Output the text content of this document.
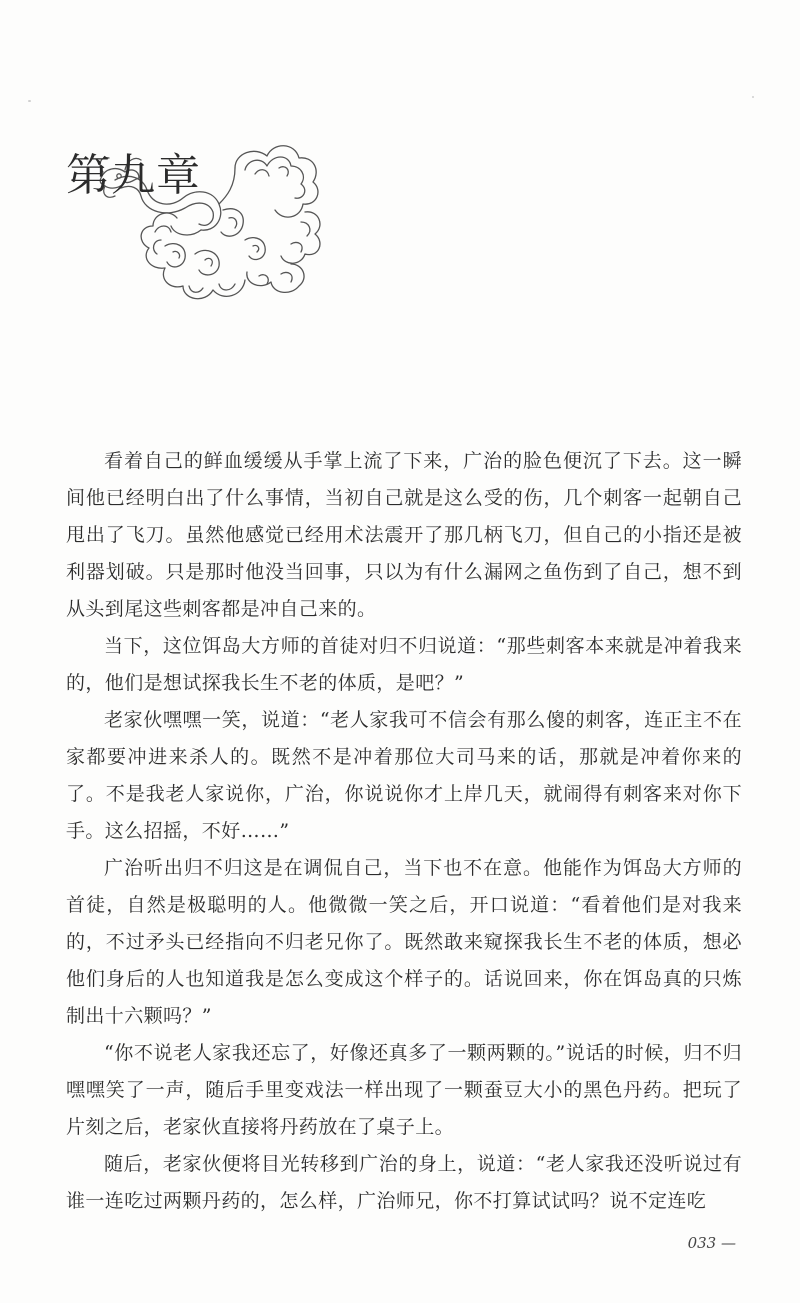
第九章

看着自己的鲜血缓缓从手掌上流了下来，广治的脸色便沉了下去。这一瞬间他已经明白出了什么事情，当初自己就是这么受的伤，几个刺客一起朝自己甩出了飞刀。虽然他感觉已经用术法震开了那几柄飞刀，但自己的小指还是被利器划破。只是那时他没当回事，只以为有什么漏网之鱼伤到了自己，想不到从头到尾这些刺客都是冲自己来的。

当下，这位饵岛大方师的首徒对归不归说道：“那些刺客本来就是冲着我来的，他们是想试探我长生不老的体质，是吧？”

老家伙嘿嘿一笑，说道：“老人家我可不信会有那么傻的刺客，连正主不在家都要冲进来杀人的。既然不是冲着那位大司马来的话，那就是冲着你来的了。不是我老人家说你，广治，你说说你才上岸几天，就闹得有刺客来对你下手。这么招摇，不好……”

广治听出归不归这是在调侃自己，当下也不在意。他能作为饵岛大方师的首徒，自然是极聪明的人。他微微一笑之后，开口说道：“看着他们是对我来的，不过矛头已经指向不归老兄你了。既然敢来窥探我长生不老的体质，想必他们身后的人也知道我是怎么变成这个样子的。话说回来，你在饵岛真的只炼制出十六颗吗？”

“你不说老人家我还忘了，好像还真多了一颗两颗的。”说话的时候，归不归嘿嘿笑了一声，随后手里变戏法一样出现了一颗蚕豆大小的黑色丹药。把玩了片刻之后，老家伙直接将丹药放在了桌子上。

随后，老家伙便将目光转移到广治的身上，说道：“老人家我还没听说过有谁一连吃过两颗丹药的，怎么样，广治师兄，你不打算试试吗？说不定连吃

033 —
